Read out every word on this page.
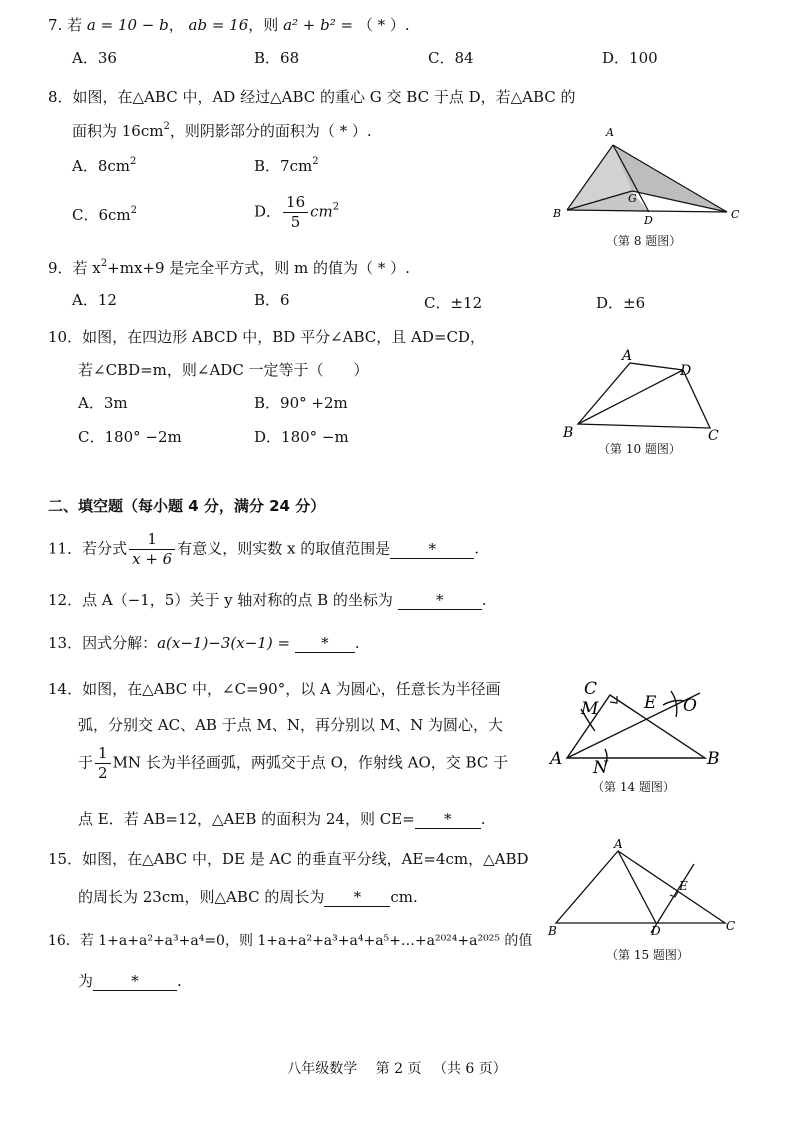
7. 若 a = 10 − b， ab = 16，则 a² + b² = （ * ）.
A．36	B．68	C．84	D．100
8．如图，在△ABC 中，AD 经过△ABC 的重心 G 交 BC 于点 D，若△ABC 的
面积为 $16cm^2$，则阴影部分的面积为（ * ）.
A．$8cm^2$	B．$7cm^2$
C．$6cm^2$	D． $\frac{16}{5} cm^2$
A
B	C
D
G
（第 8 题图）
9．若 $x^2+mx+9$ 是完全平方式，则 m 的值为（ * ）.
A．12	B．6	C．±12	D．±6
10．如图，在四边形 ABCD 中，BD 平分∠ABC，且 AD=CD，
若∠CBD=m，则∠ADC 一定等于（　　）
A．3m	B．90° +2m
C．180° −2m	D．180° −m
A
D
B	C
（第 10 题图）
二、填空题（每小题 4 分，满分 24 分）
11．若分式 $\frac{1}{x + 6}$ 有意义，则实数 x 的取值范围是	*	.
12．点 A（−1，5）关于 y 轴对称的点 B 的坐标为	*	.
13．因式分解：a(x−1)−3(x−1) = * .
14．如图，在△ABC 中，∠C=90°，以 A 为圆心，任意长为半径画
弧，分别交 AC、AB 于点 M、N，再分别以 M、N 为圆心，大
于 $\frac{1}{2}$ MN 长为半径画弧，两弧交于点 O，作射线 AO，交 BC 于
点 E．若 AB=12，△AEB 的面积为 24，则 CE= * .
C
M	E O
A N	B
（第 14 题图）
15．如图，在△ABC 中，DE 是 AC 的垂直平分线，AE=4cm，△ABD
的周长为 23cm，则△ABC 的周长为 * cm.
A
E
B	D	C
（第 15 题图）
16．若 1+a+a²+a³+a⁴=0，则 1+a+a²+a³+a⁴+a⁵+…+a²⁰²⁴+a²⁰²⁵ 的值
为	*	.
八年级数学　 第 2 页 　（共 6 页）
